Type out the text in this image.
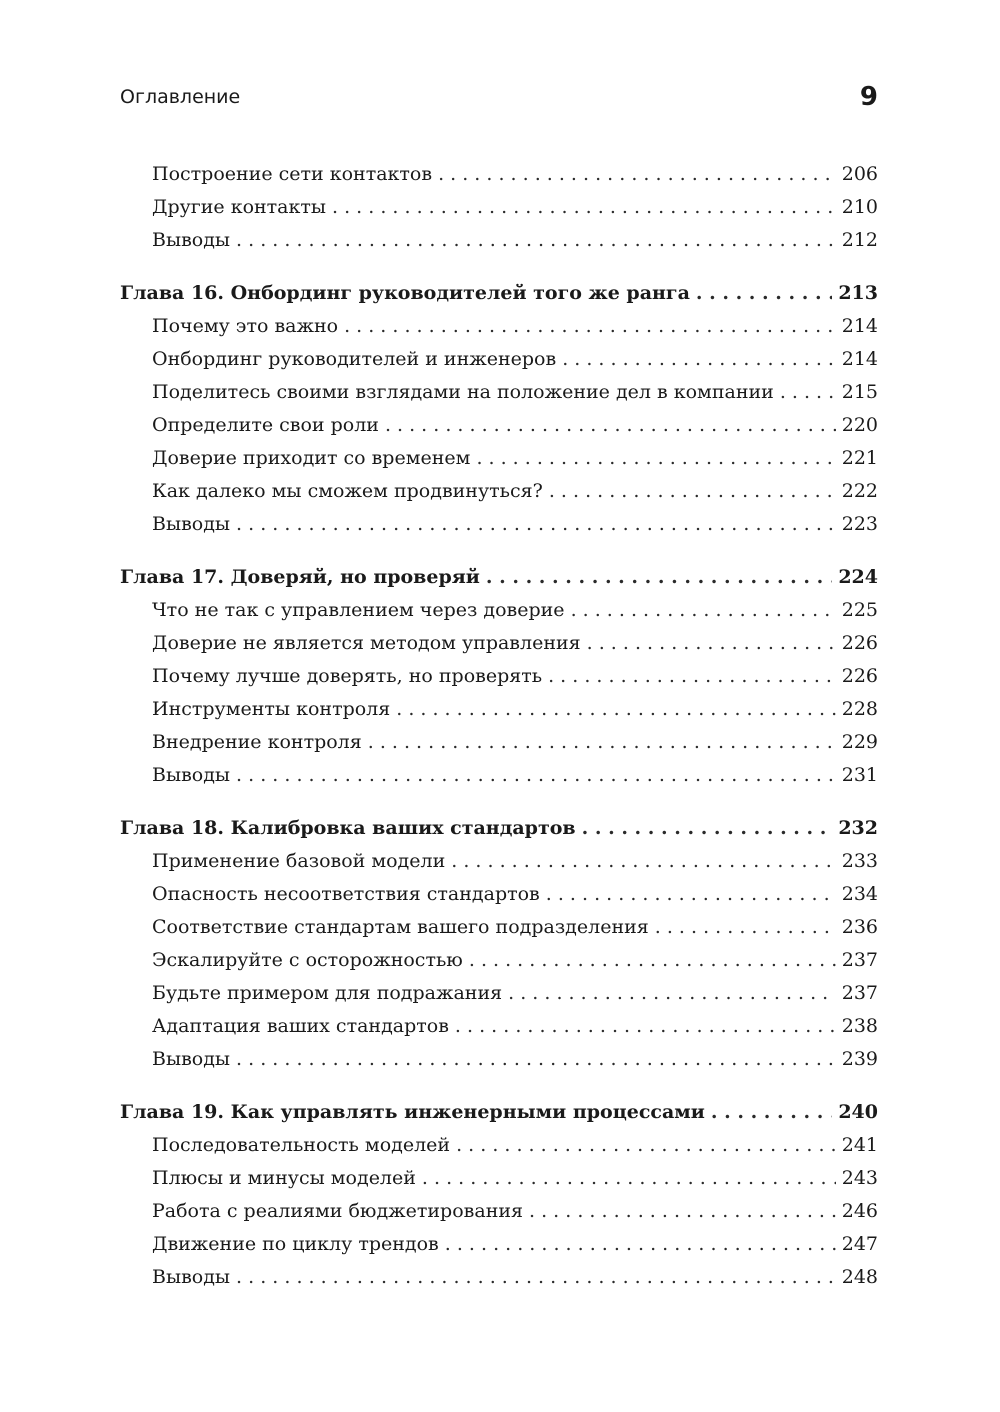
Оглавление	9
Построение сети контактов . . .	206
Другие контакты . . .	210
Выводы . . .	212
Глава 16. Онбординг руководителей того же ранга . . .	213
Почему это важно . . .	214
Онбординг руководителей и инженеров . . .	214
Поделитесь своими взглядами на положение дел в компании . . .	215
Определите свои роли . . .	220
Доверие приходит со временем . . .	221
Как далеко мы сможем продвинуться? . . .	222
Выводы . . .	223
Глава 17. Доверяй, но проверяй . . .	224
Что не так с управлением через доверие . . .	225
Доверие не является методом управления . . .	226
Почему лучше доверять, но проверять . . .	226
Инструменты контроля . . .	228
Внедрение контроля . . .	229
Выводы . . .	231
Глава 18. Калибровка ваших стандартов . . .	232
Применение базовой модели . . .	233
Опасность несоответствия стандартов . . .	234
Соответствие стандартам вашего подразделения . . .	236
Эскалируйте с осторожностью . . .	237
Будьте примером для подражания . . .	237
Адаптация ваших стандартов . . .	238
Выводы . . .	239
Глава 19. Как управлять инженерными процессами . . .	240
Последовательность моделей . . .	241
Плюсы и минусы моделей . . .	243
Работа с реалиями бюджетирования . . .	246
Движение по циклу трендов . . .	247
Выводы . . .	248
